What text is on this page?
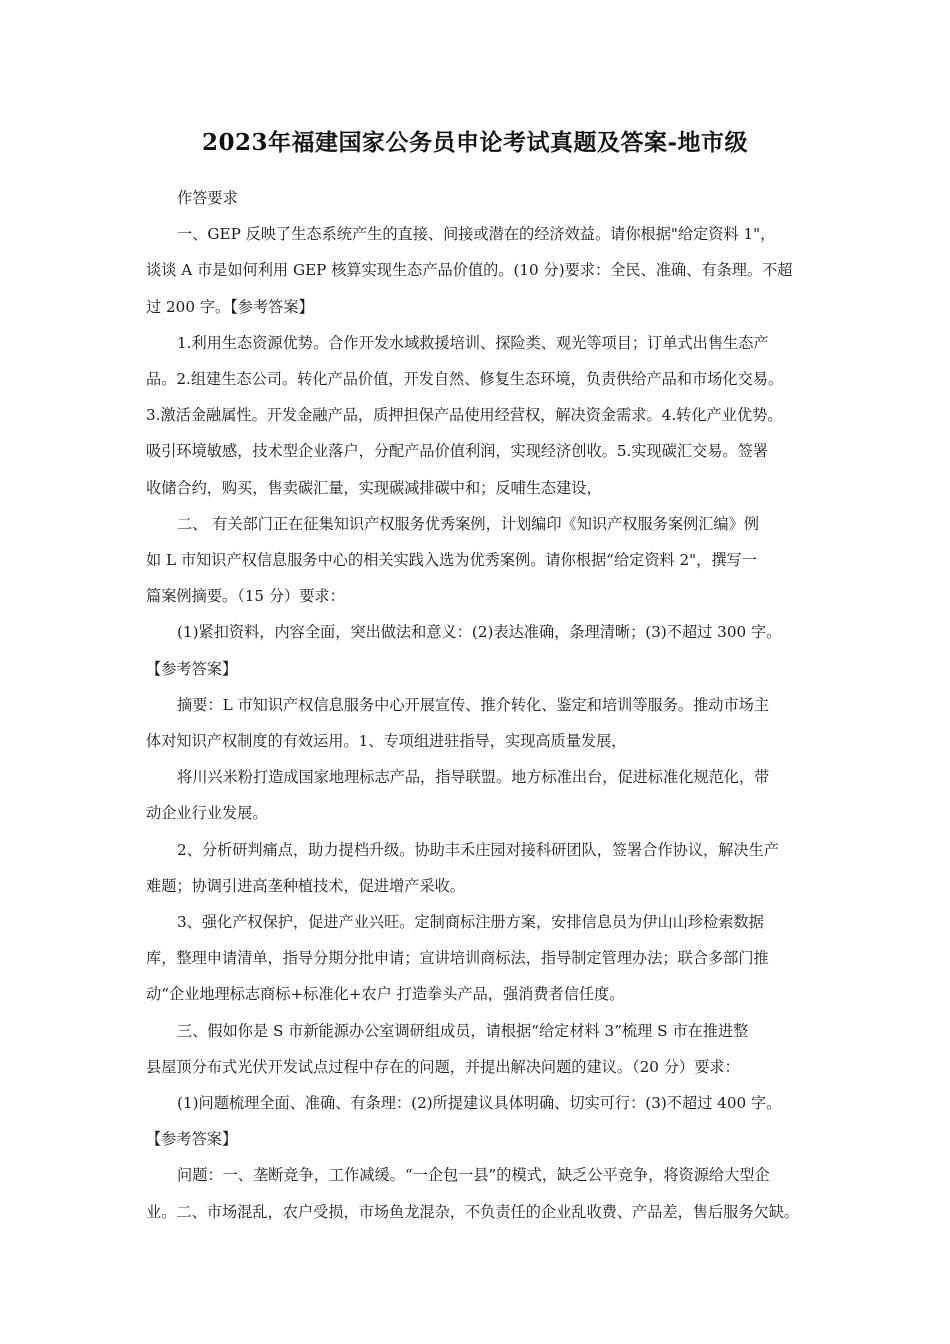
2023年福建国家公务员申论考试真题及答案-地市级

作答要求

一、GEP 反映了生态系统产生的直接、间接或潜在的经济效益。请你根据"给定资料 1"，

谈谈 A 市是如何利用 GEP 核算实现生态产品价值的。(10 分)要求：全民、准确、有条理。不超

过 200 字。【参考答案】

1.利用生态资源优势。合作开发水域救援培训、探险类、观光等项目；订单式出售生态产

品。2.组建生态公司。转化产品价值，开发自然、修复生态环境，负责供给产品和市场化交易。

3.激活金融属性。开发金融产品，质押担保产品使用经营权，解决资金需求。4.转化产业优势。

吸引环境敏感，技术型企业落户，分配产品价值利润，实现经济创收。5.实现碳汇交易。签署

收储合约，购买，售卖碳汇量，实现碳减排碳中和；反哺生态建设，

二、 有关部门正在征集知识产权服务优秀案例，计划编印《知识产权服务案例汇编》例

如 L 市知识产权信息服务中心的相关实践入选为优秀案例。请你根据“给定资料 2"，撰写一

篇案例摘要。（15 分）要求：

(1)紧扣资料，内容全面，突出做法和意义：(2)表达准确，条理清晰；(3)不超过 300 字。

【参考答案】

摘要：L 市知识产权信息服务中心开展宣传、推介转化、鉴定和培训等服务。推动市场主

体对知识产权制度的有效运用。1、专项组进驻指导，实现高质量发展，

将川兴米粉打造成国家地理标志产品，指导联盟。地方标准出台，促进标准化规范化，带

动企业行业发展。

2、分析研判痛点，助力提档升级。协助丰禾庄园对接科研团队，签署合作协议，解决生产

难题；协调引进高垄种植技术，促进增产采收。

3、强化产权保护，促进产业兴旺。定制商标注册方案，安排信息员为伊山山珍检索数据

库，整理申请清单，指导分期分批申请；宣讲培训商标法，指导制定管理办法；联合多部门推

动“企业地理标志商标+标准化+农户 打造拳头产品，强消费者信任度。

三、假如你是 S 市新能源办公室调研组成员，请根据“给定材料 3”梳理 S 市在推进整

县屋顶分布式光伏开发试点过程中存在的问题，并提出解决问题的建议。（20 分）要求：

(1)问题梳理全面、准确、有条理：(2)所提建议具体明确、切实可行：(3)不超过 400 字。

【参考答案】

问题：一、垄断竞争，工作减缓。“一企包一县”的模式，缺乏公平竞争，将资源给大型企

业。二、市场混乱，农户受损，市场鱼龙混杂，不负责任的企业乱收费、产品差，售后服务欠缺。
